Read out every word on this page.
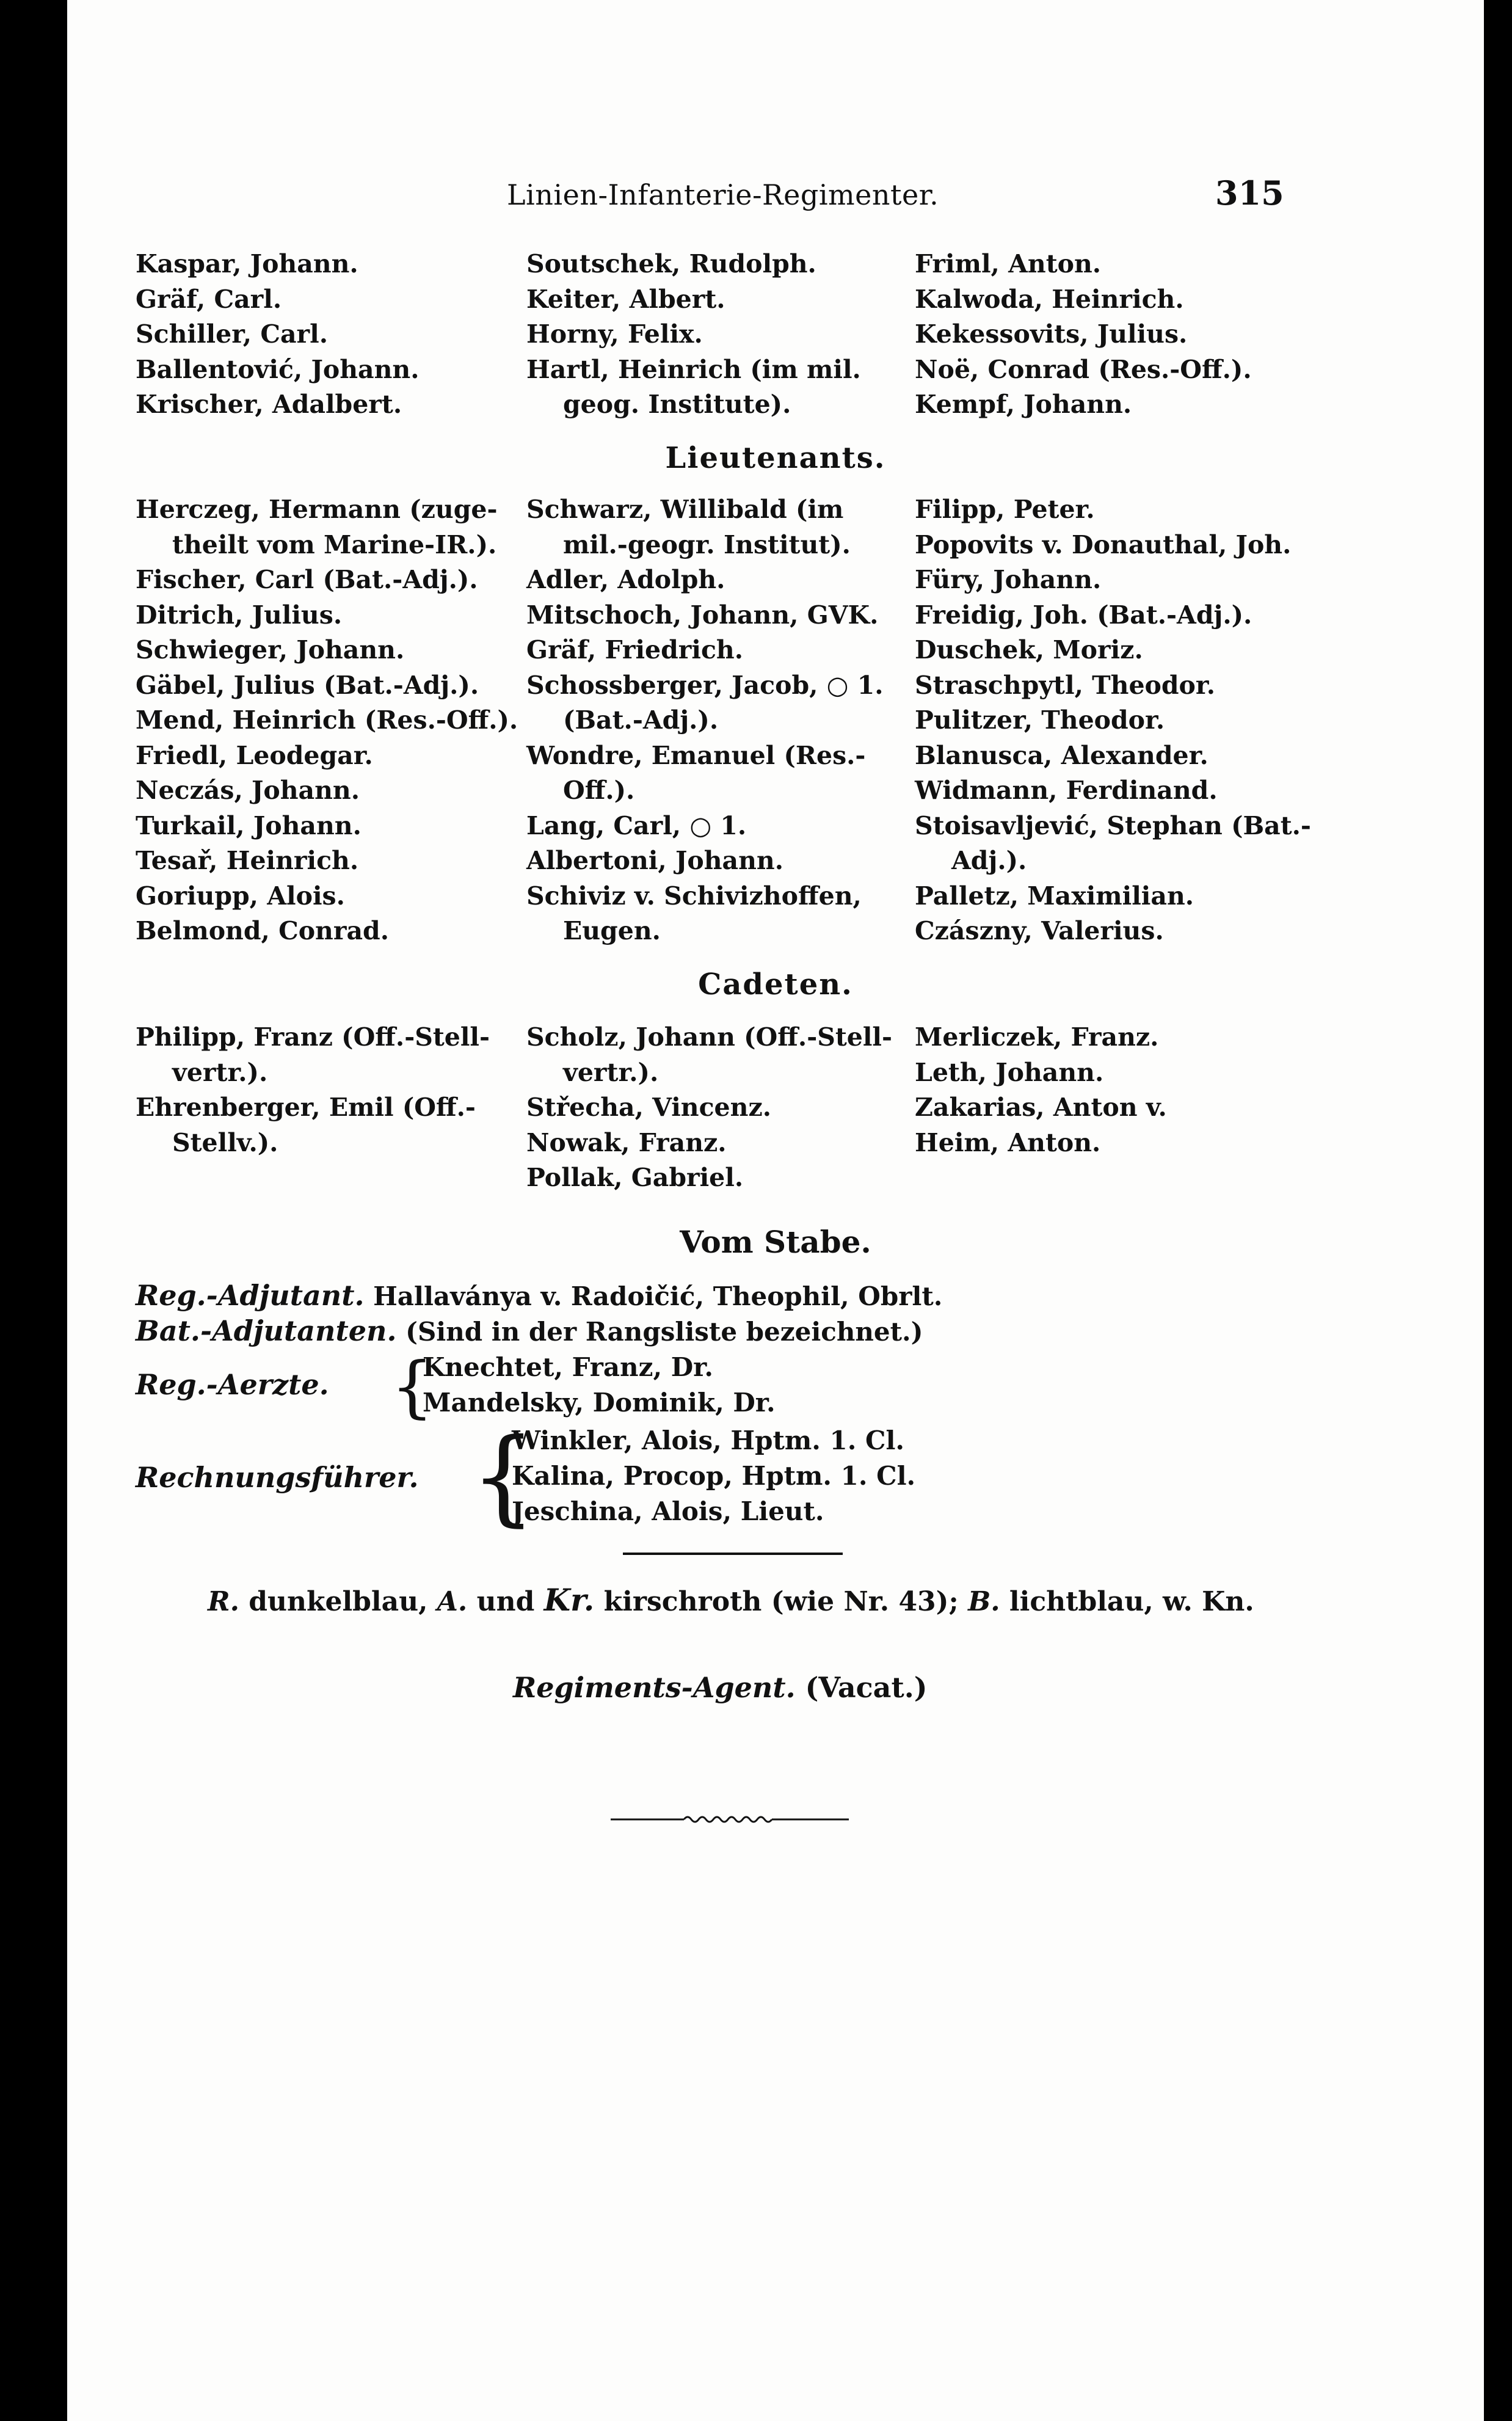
Linien-Infanterie-Regimenter.	315
Kaspar, Johann.
Gräf, Carl.
Schiller, Carl.
Ballentović, Johann.
Krischer, Adalbert.
Soutschek, Rudolph.
Keiter, Albert.
Horny, Felix.
Hartl, Heinrich (im mil.
geog. Institute).
Friml, Anton.
Kalwoda, Heinrich.
Kekessovits, Julius.
Noë, Conrad (Res.-Off.).
Kempf, Johann.
Lieutenants.
Herczeg, Hermann (zuge-
theilt vom Marine-IR.).
Fischer, Carl (Bat.-Adj.).
Ditrich, Julius.
Schwieger, Johann.
Gäbel, Julius (Bat.-Adj.).
Mend, Heinrich (Res.-Off.).
Friedl, Leodegar.
Neczás, Johann.
Turkail, Johann.
Tesař, Heinrich.
Goriupp, Alois.
Belmond, Conrad.
Schwarz, Willibald (im
mil.-geogr. Institut).
Adler, Adolph.
Mitschoch, Johann, GVK.
Gräf, Friedrich.
Schossberger, Jacob, ○ 1.
(Bat.-Adj.).
Wondre, Emanuel (Res.-
Off.).
Lang, Carl, ○ 1.
Albertoni, Johann.
Schiviz v. Schivizhoffen,
Eugen.
Filipp, Peter.
Popovits v. Donauthal, Joh.
Füry, Johann.
Freidig, Joh. (Bat.-Adj.).
Duschek, Moriz.
Straschpytl, Theodor.
Pulitzer, Theodor.
Blanusca, Alexander.
Widmann, Ferdinand.
Stoisavljević, Stephan (Bat.-
Adj.).
Palletz, Maximilian.
Czászny, Valerius.
Cadeten.
Philipp, Franz (Off.-Stell-
vertr.).
Ehrenberger, Emil (Off.-
Stellv.).
Scholz, Johann (Off.-Stell-
vertr.).
Střecha, Vincenz.
Nowak, Franz.
Pollak, Gabriel.
Merliczek, Franz.
Leth, Johann.
Zakarias, Anton v.
Heim, Anton.
Vom Stabe.
Reg.-Adjutant. Hallaványa v. Radoičić, Theophil, Obrlt.
Bat.-Adjutanten. (Sind in der Rangsliste bezeichnet.)
Reg.-Aerzte. {
Knechtet, Franz, Dr.
Mandelsky, Dominik, Dr.
Rechnungsführer. {
Winkler, Alois, Hptm. 1. Cl.
Kalina, Procop, Hptm. 1. Cl.
Jeschina, Alois, Lieut.
R. dunkelblau, A. und Kr. kirschroth (wie Nr. 43); B. lichtblau, w. Kn.
Regiments-Agent. (Vacat.)
